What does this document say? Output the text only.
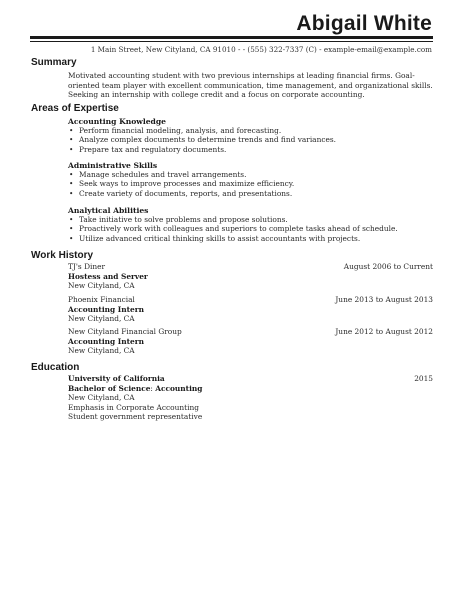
Abigail White
1 Main Street, New Cityland, CA 91010 - - (555) 322-7337 (C) - example-email@example.com
Summary
Motivated accounting student with two previous internships at leading financial firms. Goal-oriented team player with excellent communication, time management, and organizational skills. Seeking an internship with college credit and a focus on corporate accounting.
Areas of Expertise
Accounting Knowledge
• Perform financial modeling, analysis, and forecasting.
• Analyze complex documents to determine trends and find variances.
• Prepare tax and regulatory documents.
Administrative Skills
• Manage schedules and travel arrangements.
• Seek ways to improve processes and maximize efficiency.
• Create variety of documents, reports, and presentations.
Analytical Abilities
• Take initiative to solve problems and propose solutions.
• Proactively work with colleagues and superiors to complete tasks ahead of schedule.
• Utilize advanced critical thinking skills to assist accountants with projects.
Work History
TJ's Diner	August 2006 to Current
Hostess and Server
New Cityland, CA
Phoenix Financial	June 2013 to August 2013
Accounting Intern
New Cityland, CA
New Cityland Financial Group	June 2012 to August 2012
Accounting Intern
New Cityland, CA
Education
University of California	2015
Bachelor of Science: Accounting
New Cityland, CA
Emphasis in Corporate Accounting
Student government representative
